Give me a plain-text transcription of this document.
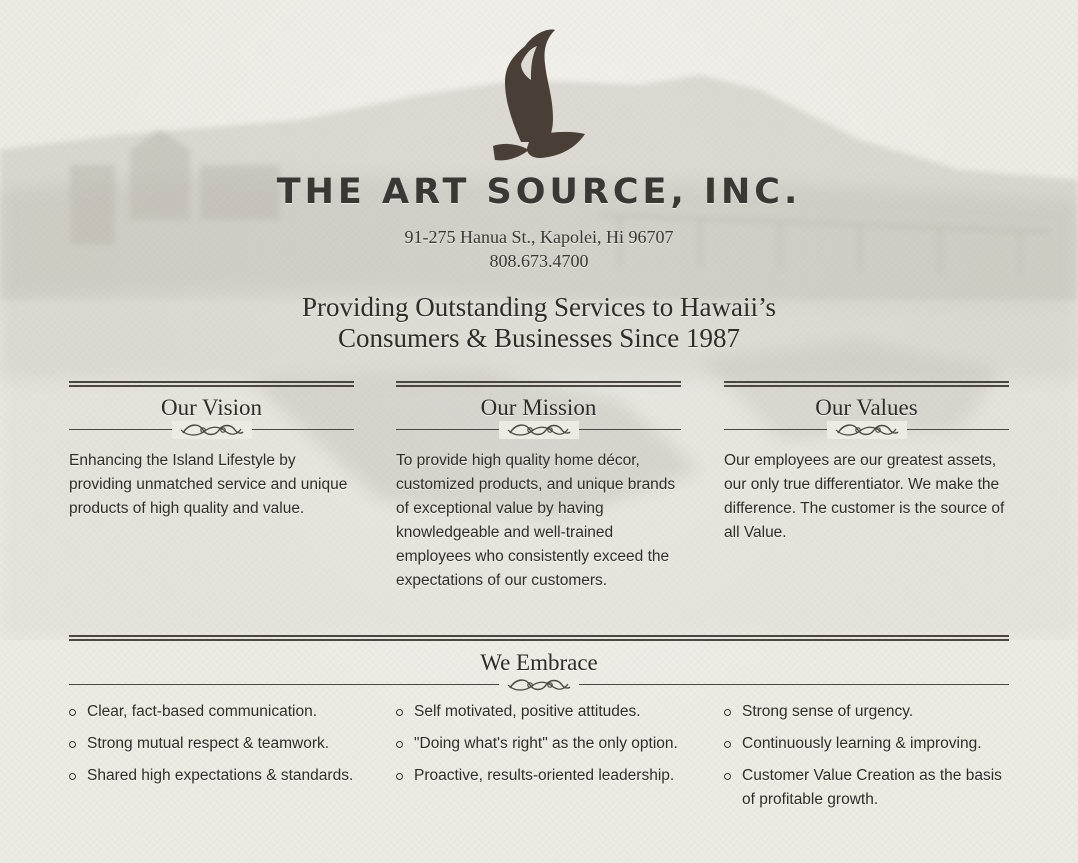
THE ART SOURCE, INC.
91-275 Hanua St., Kapolei, Hi 96707
808.673.4700
Providing Outstanding Services to Hawaii’s
Consumers & Businesses Since 1987
Our Vision
Enhancing the Island Lifestyle by providing unmatched service and unique products of high quality and value.
Our Mission
To provide high quality home décor, customized products, and unique brands of exceptional value by having knowledgeable and well-trained employees who consistently exceed the expectations of our customers.
Our Values
Our employees are our greatest assets, our only true differentiator. We make the difference. The customer is the source of all Value.
We Embrace
Clear, fact-based communication.
Strong mutual respect & teamwork.
Shared high expectations & standards.
Self motivated, positive attitudes.
"Doing what's right" as the only option.
Proactive, results-oriented leadership.
Strong sense of urgency.
Continuously learning & improving.
Customer Value Creation as the basis of profitable growth.
